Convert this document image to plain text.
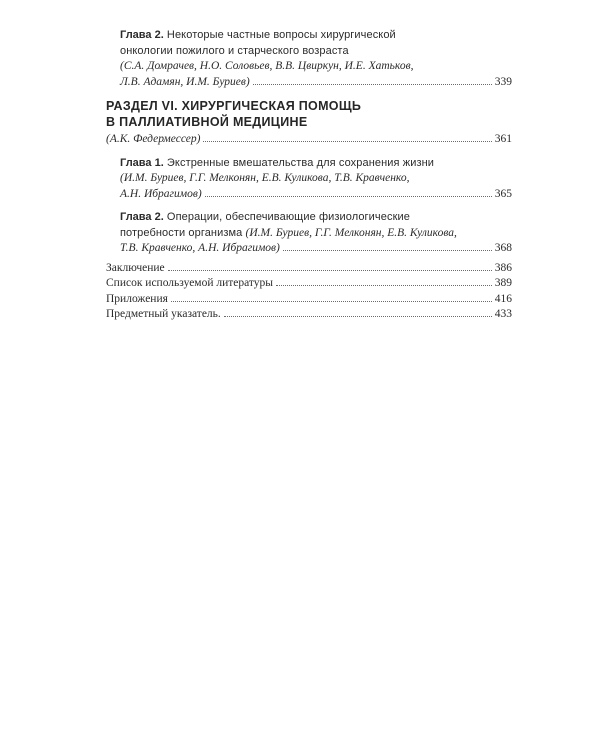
Глава 2. Некоторые частные вопросы хирургической
онкологии пожилого и старческого возраста
(С.А. Домрачев, Н.О. Соловьев, В.В. Цвиркун, И.Е. Хатьков,
Л.В. Адамян, И.М. Буриев)	339
РАЗДЕЛ VI. ХИРУРГИЧЕСКАЯ ПОМОЩЬ
В ПАЛЛИАТИВНОЙ МЕДИЦИНЕ
(А.К. Федермессер)	361
Глава 1. Экстренные вмешательства для сохранения жизни
(И.М. Буриев, Г.Г. Мелконян, Е.В. Куликова, Т.В. Кравченко,
А.Н. Ибрагимов)	365
Глава 2. Операции, обеспечивающие физиологические
потребности организма (И.М. Буриев, Г.Г. Мелконян, Е.В. Куликова,
Т.В. Кравченко, А.Н. Ибрагимов)	368
Заключение	386
Список используемой литературы	389
Приложения	416
Предметный указатель.	433
